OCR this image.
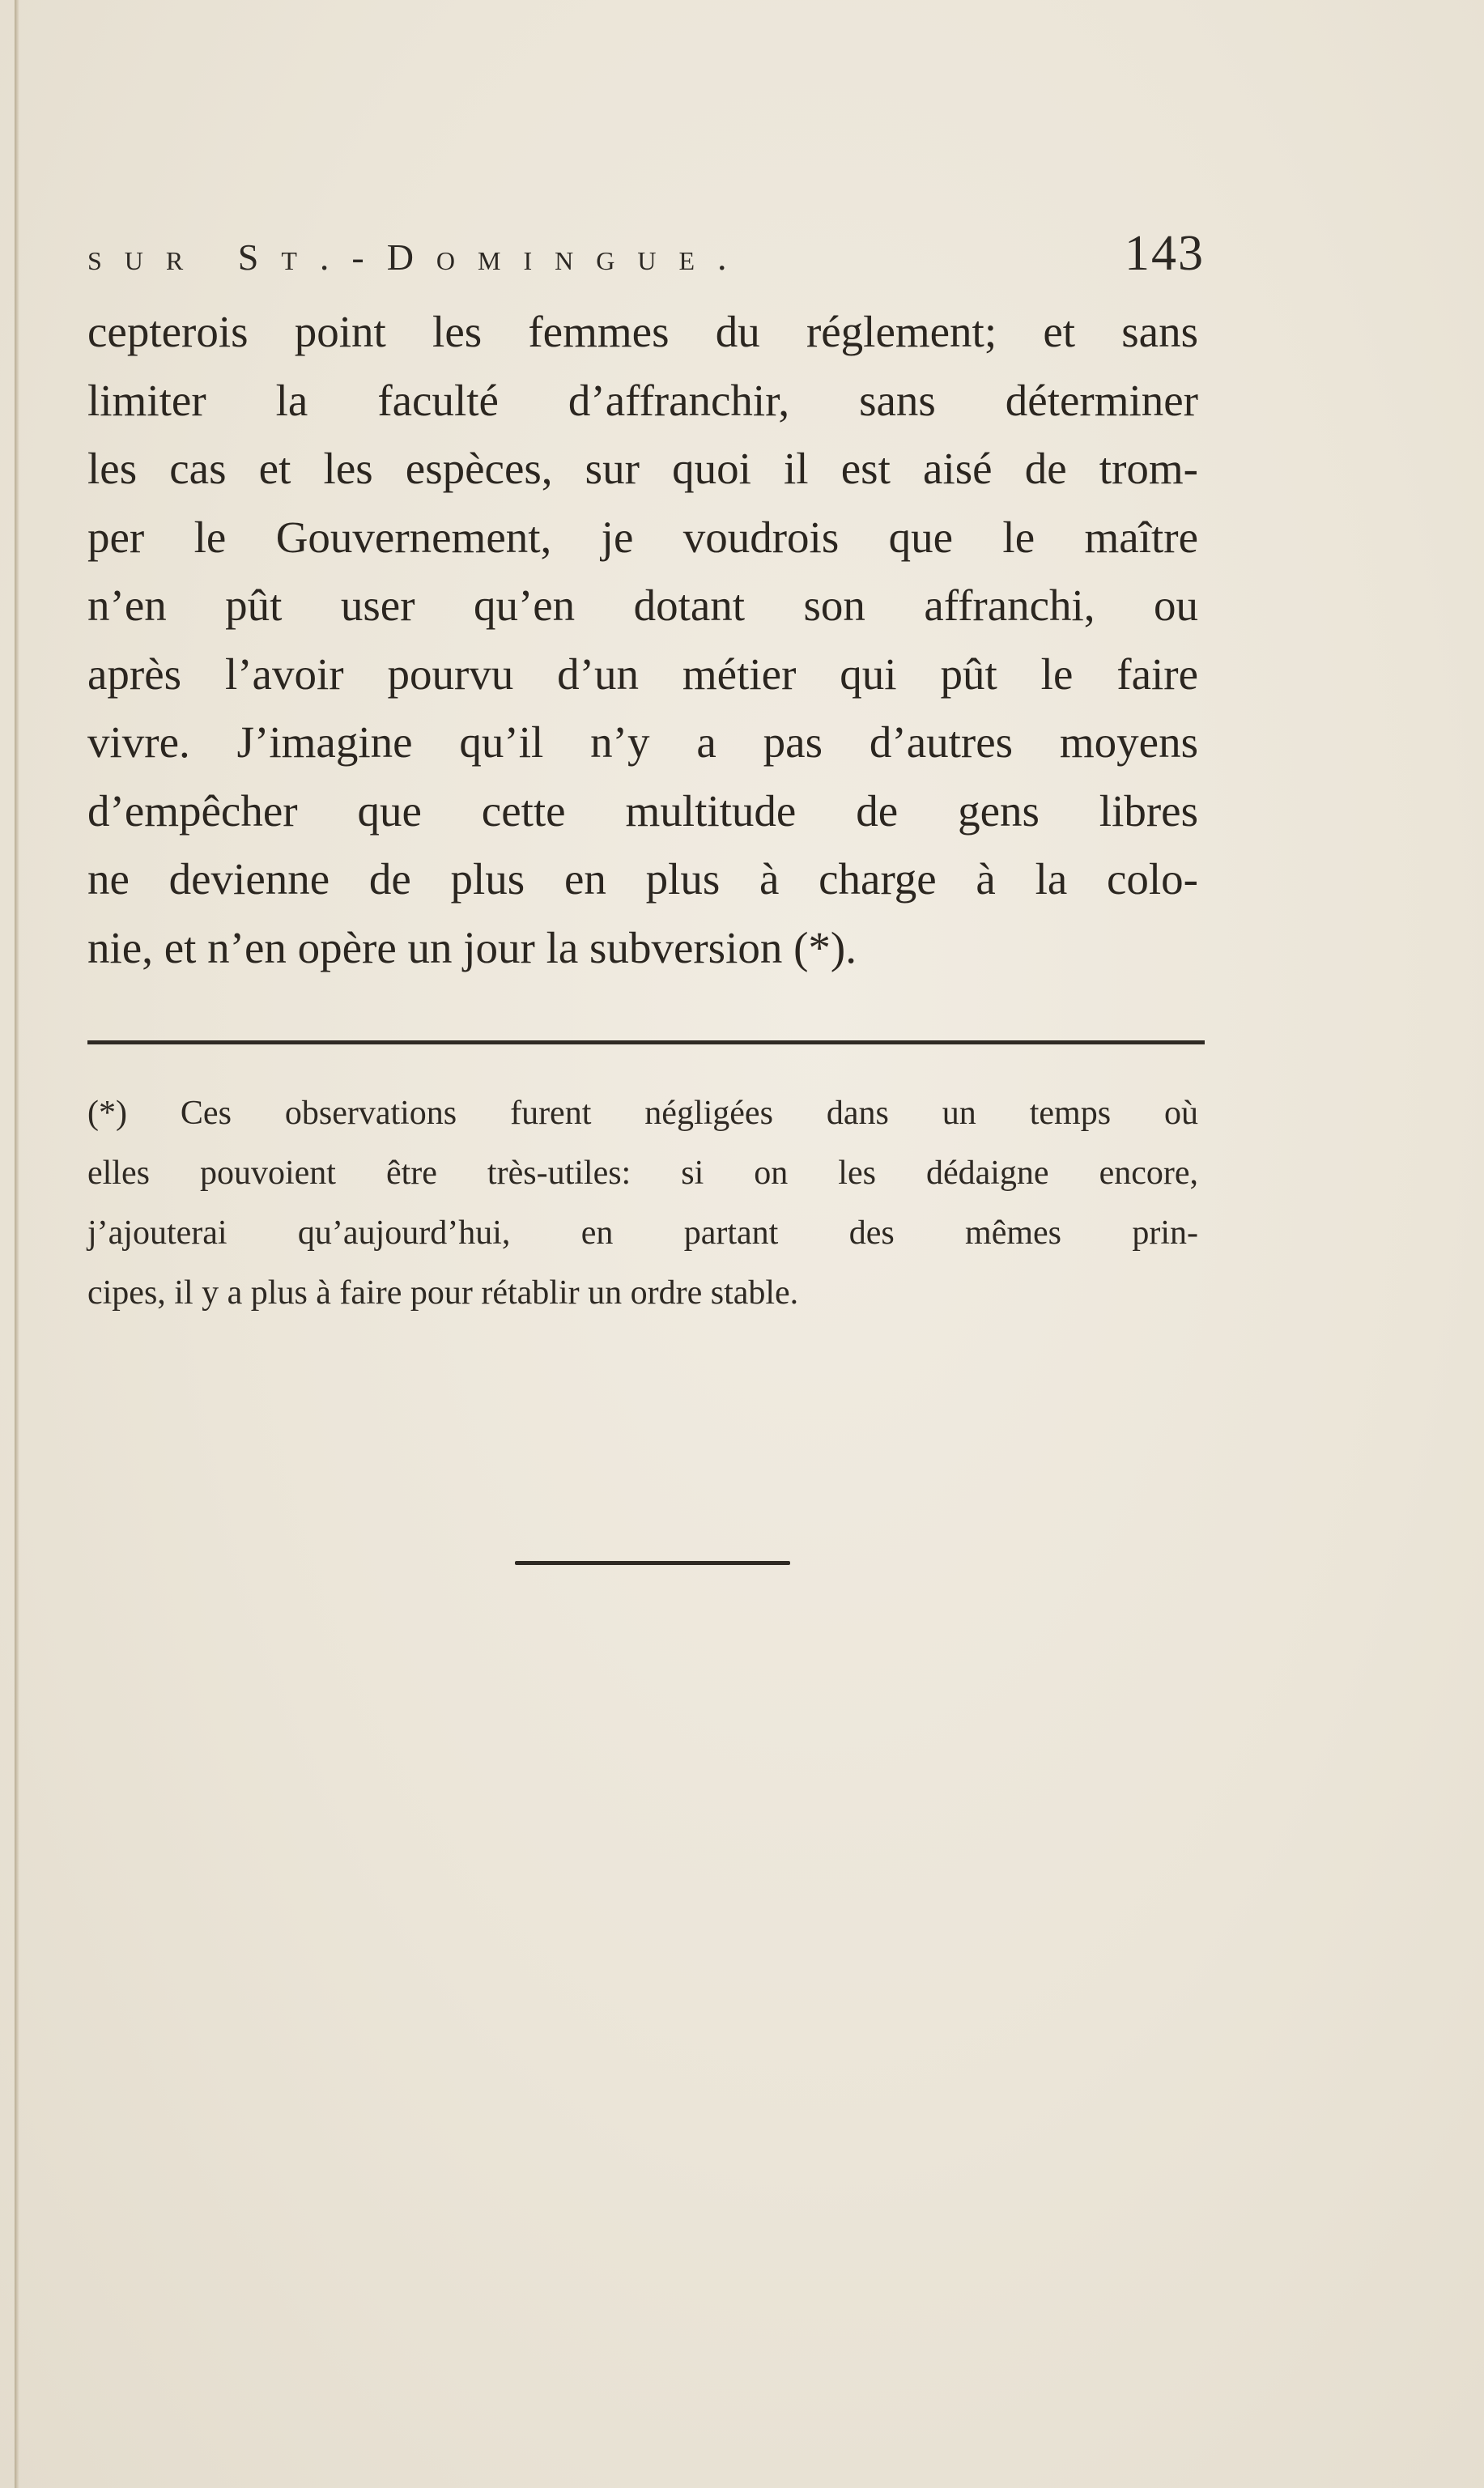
sur St.-Domingue.	143
cepterois point les femmes du réglement; et sans
limiter la faculté d’affranchir, sans déterminer
les cas et les espèces, sur quoi il est aisé de trom-
per le Gouvernement, je voudrois que le maître
n’en pût user qu’en dotant son affranchi, ou
après l’avoir pourvu d’un métier qui pût le faire
vivre. J’imagine qu’il n’y a pas d’autres moyens
d’empêcher que cette multitude de gens libres
ne devienne de plus en plus à charge à la colo-
nie, et n’en opère un jour la subversion (*).
(*) Ces observations furent négligées dans un temps où
elles pouvoient être très-utiles: si on les dédaigne encore,
j’ajouterai qu’aujourd’hui, en partant des mêmes prin-
cipes, il y a plus à faire pour rétablir un ordre stable.
